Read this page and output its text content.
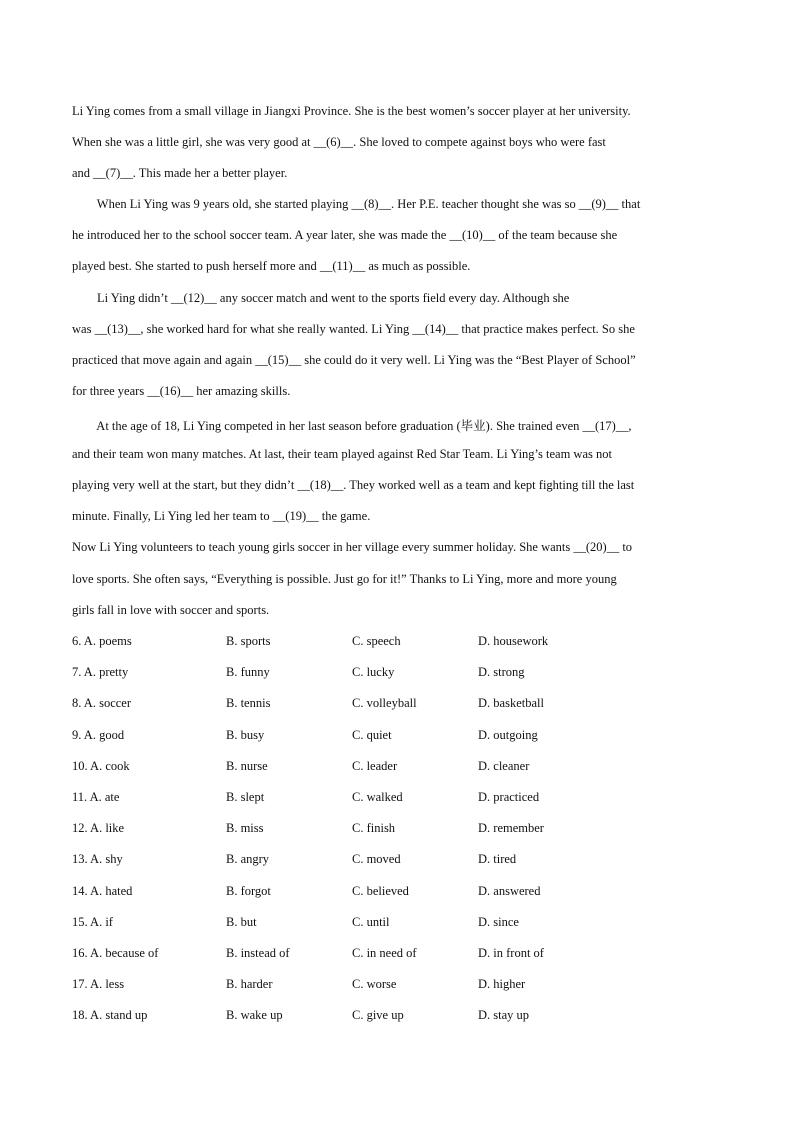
Li Ying comes from a small village in Jiangxi Province. She is the best women’s soccer player at her university.
When she was a little girl, she was very good at __(6)__. She loved to compete against boys who were fast
and __(7)__. This made her a better player.
When Li Ying was 9 years old, she started playing __(8)__. Her P.E. teacher thought she was so __(9)__ that
he introduced her to the school soccer team. A year later, she was made the __(10)__ of the team because she
played best. She started to push herself more and __(11)__ as much as possible.
Li Ying didn’t __(12)__ any soccer match and went to the sports field every day. Although she
was __(13)__, she worked hard for what she really wanted. Li Ying __(14)__ that practice makes perfect. So she
practiced that move again and again __(15)__ she could do it very well. Li Ying was the “Best Player of School”
for three years __(16)__ her amazing skills.
At the age of 18, Li Ying competed in her last season before graduation (毕业). She trained even __(17)__,
and their team won many matches. At last, their team played against Red Star Team. Li Ying’s team was not
playing very well at the start, but they didn’t __(18)__. They worked well as a team and kept fighting till the last
minute. Finally, Li Ying led her team to __(19)__ the game.
Now Li Ying volunteers to teach young girls soccer in her village every summer holiday. She wants __(20)__ to
love sports. She often says, “Everything is possible. Just go for it!” Thanks to Li Ying, more and more young
girls fall in love with soccer and sports.
6. A. poems	B. sports	C. speech	D. housework
7. A. pretty	B. funny	C. lucky	D. strong
8. A. soccer	B. tennis	C. volleyball	D. basketball
9. A. good	B. busy	C. quiet	D. outgoing
10. A. cook	B. nurse	C. leader	D. cleaner
11. A. ate	B. slept	C. walked	D. practiced
12. A. like	B. miss	C. finish	D. remember
13. A. shy	B. angry	C. moved	D. tired
14. A. hated	B. forgot	C. believed	D. answered
15. A. if	B. but	C. until	D. since
16. A. because of	B. instead of	C. in need of	D. in front of
17. A. less	B. harder	C. worse	D. higher
18. A. stand up	B. wake up	C. give up	D. stay up
